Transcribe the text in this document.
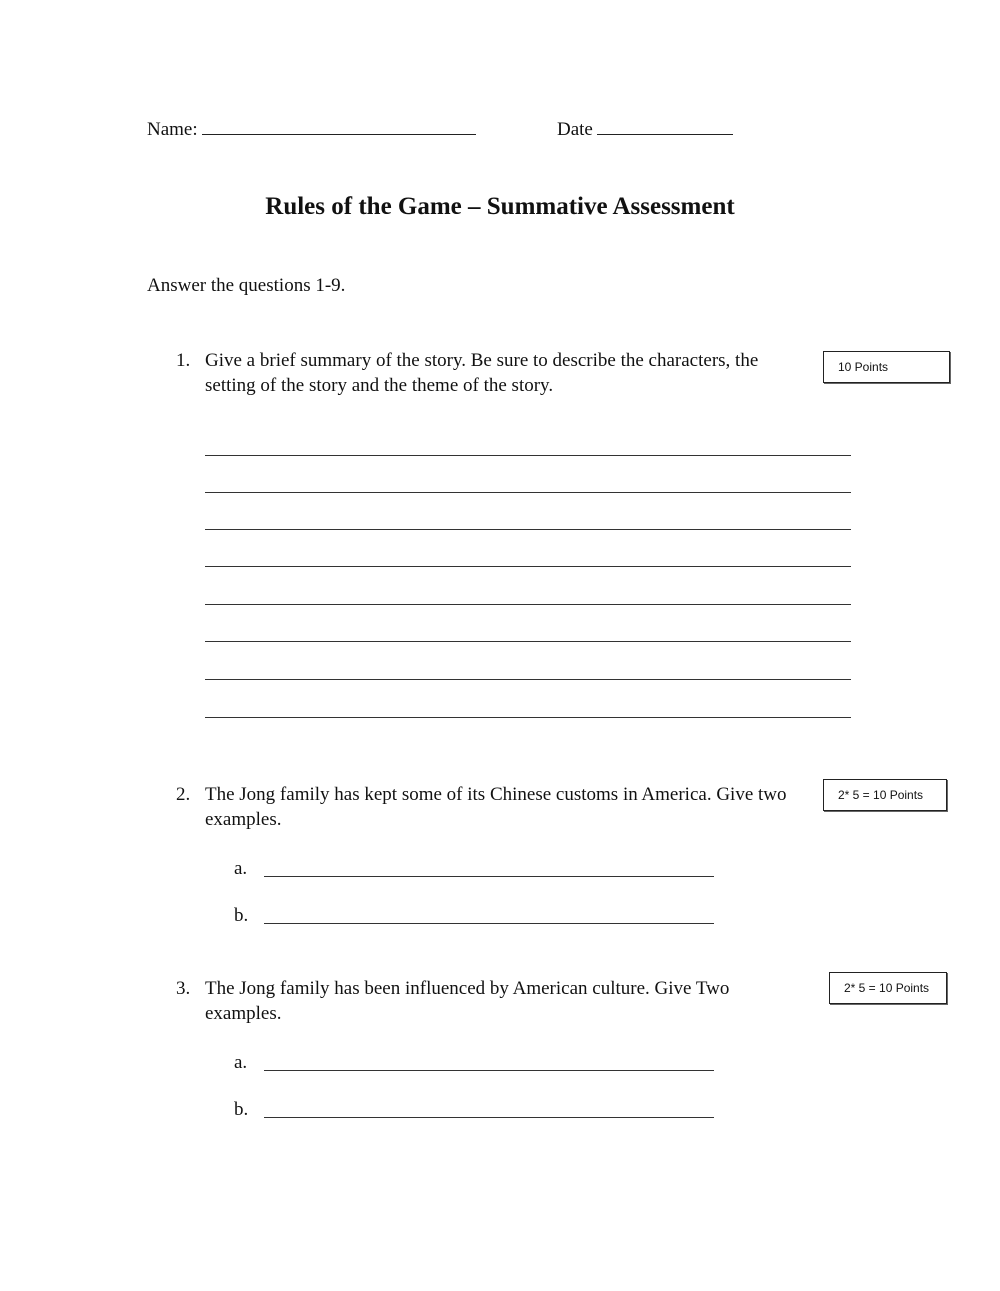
Name:	Date
Rules of the Game – Summative Assessment
Answer the questions 1-9.
1. Give a brief summary of the story. Be sure to describe the characters, the
setting of the story and the theme of the story.
10 Points
2. The Jong family has kept some of its Chinese customs in America. Give two
examples.
2* 5 = 10 Points
a.
b.
3. The Jong family has been influenced by American culture. Give Two
examples.
2* 5 = 10 Points
a.
b.
